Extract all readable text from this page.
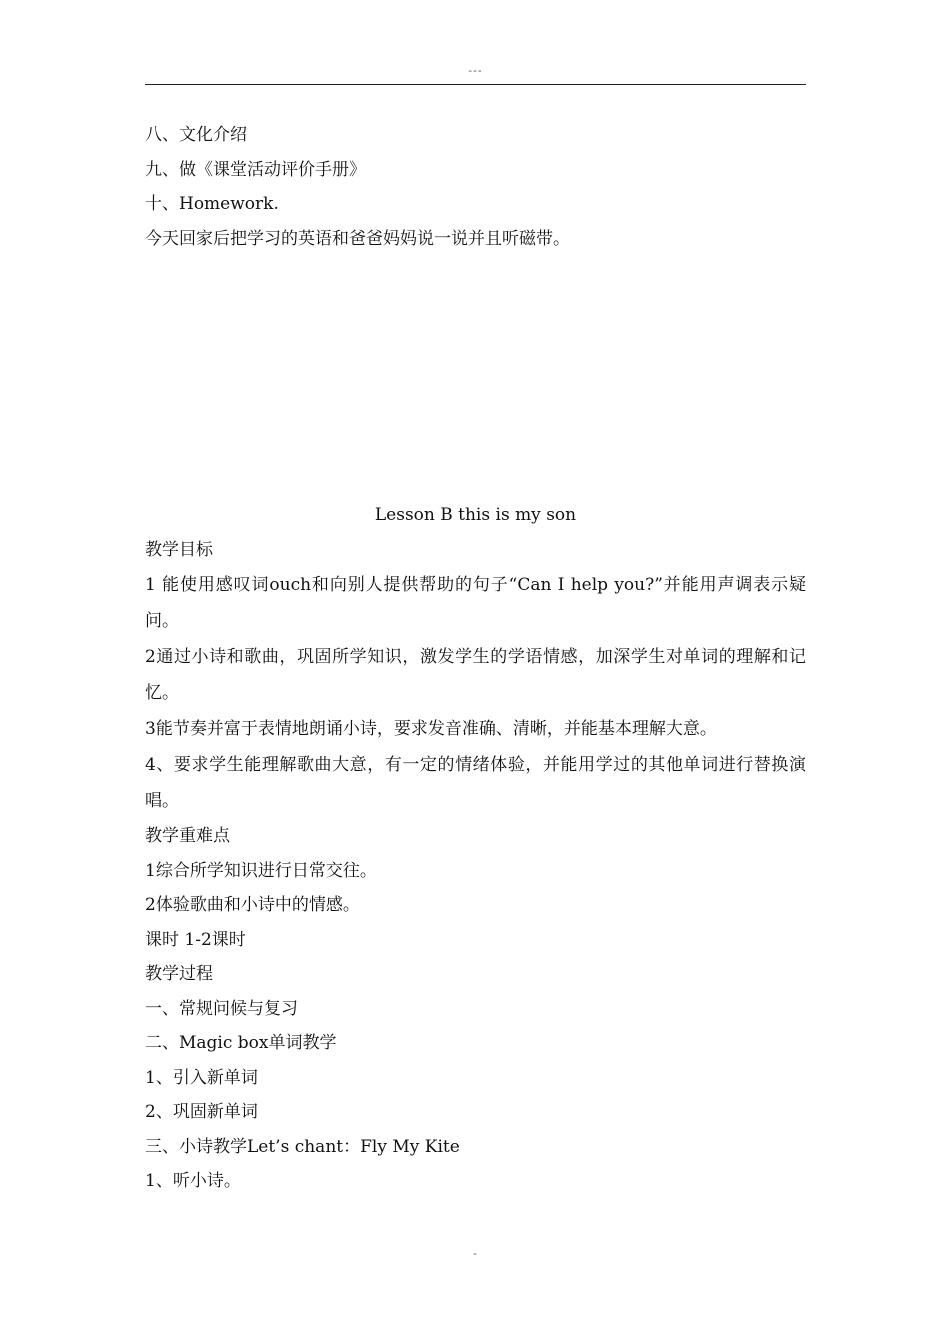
---
八、文化介绍
九、做《课堂活动评价手册》
十、Homework.
今天回家后把学习的英语和爸爸妈妈说一说并且听磁带。
Lesson B this is my son
教学目标
1 能使用感叹词ouch和向别人提供帮助的句子“Can I help you?”并能用声调表示疑问。
2通过小诗和歌曲，巩固所学知识，激发学生的学语情感，加深学生对单词的理解和记忆。
3能节奏并富于表情地朗诵小诗，要求发音准确、清晰，并能基本理解大意。
4、要求学生能理解歌曲大意，有一定的情绪体验，并能用学过的其他单词进行替换演唱。
教学重难点
1综合所学知识进行日常交往。
2体验歌曲和小诗中的情感。
课时 1-2课时
教学过程
一、常规问候与复习
二、Magic box单词教学
1、引入新单词
2、巩固新单词
三、小诗教学Let’s chant：Fly My Kite
1、听小诗。
-
